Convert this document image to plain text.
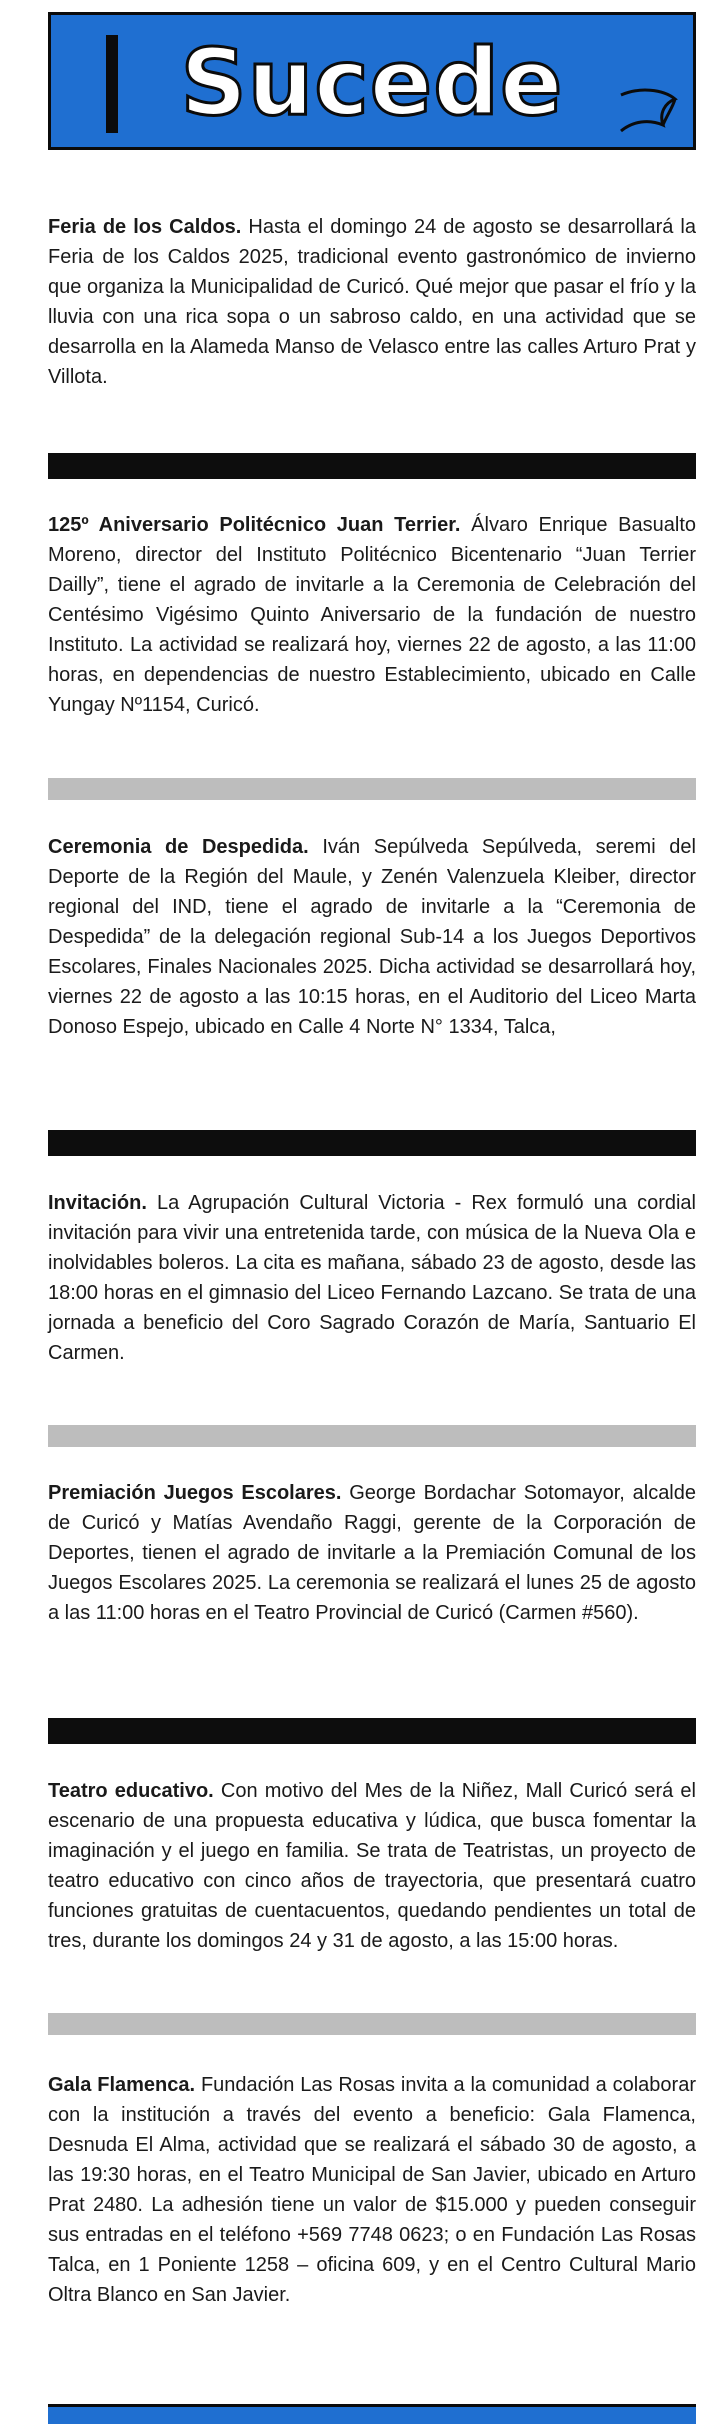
Sucede
Feria de los Caldos. Hasta el domingo 24 de agosto se desarrollará la Feria de los Caldos 2025, tradicional evento gastronómico de invierno que organiza la Municipalidad de Curicó. Qué mejor que pasar el frío y la lluvia con una rica sopa o un sabroso caldo, en una actividad que se desarrolla en la Alameda Manso de Velasco entre las calles Arturo Prat y Villota.
125º Aniversario Politécnico Juan Terrier. Álvaro Enrique Basualto Moreno, director del Instituto Politécnico Bicentenario “Juan Terrier Dailly”, tiene el agrado de invitarle a la Ceremonia de Celebración del Centésimo Vigésimo Quinto Aniversario de la fundación de nuestro Instituto. La actividad se realizará hoy, viernes 22 de agosto, a las 11:00 horas, en dependencias de nuestro Establecimiento, ubicado en Calle Yungay Nº1154, Curicó.
Ceremonia de Despedida. Iván Sepúlveda Sepúlveda, seremi del Deporte de la Región del Maule, y Zenén Valenzuela Kleiber, director regional del IND, tiene el agrado de invitarle a la “Ceremonia de Despedida” de la delegación regional Sub-14 a los Juegos Deportivos Escolares, Finales Nacionales 2025. Dicha actividad se desarrollará hoy, viernes 22 de agosto a las 10:15 horas, en el Auditorio del Liceo Marta Donoso Espejo, ubicado en Calle 4 Norte N° 1334, Talca,
Invitación. La Agrupación Cultural Victoria - Rex formuló una cordial invitación para vivir una entretenida tarde, con música de la Nueva Ola e inolvidables boleros. La cita es mañana, sábado 23 de agosto, desde las 18:00 horas en el gimnasio del Liceo Fernando Lazcano. Se trata de una jornada a beneficio del Coro Sagrado Corazón de María, Santuario El Carmen.
Premiación Juegos Escolares. George Bordachar Sotomayor, alcalde de Curicó y Matías Avendaño Raggi, gerente de la Corporación de Deportes, tienen el agrado de invitarle a la Premiación Comunal de los Juegos Escolares 2025. La ceremonia se realizará el lunes 25 de agosto a las 11:00 horas en el Teatro Provincial de Curicó (Carmen #560).
Teatro educativo. Con motivo del Mes de la Niñez, Mall Curicó será el escenario de una propuesta educativa y lúdica, que busca fomentar la imaginación y el juego en familia. Se trata de Teatristas, un proyecto de teatro educativo con cinco años de trayectoria, que presentará cuatro funciones gratuitas de cuentacuentos, quedando pendientes un total de tres, durante los domingos 24 y 31 de agosto, a las 15:00 horas.
Gala Flamenca. Fundación Las Rosas invita a la comunidad a colaborar con la institución a través del evento a beneficio: Gala Flamenca, Desnuda El Alma, actividad que se realizará el sábado 30 de agosto, a las 19:30 horas, en el Teatro Municipal de San Javier, ubicado en Arturo Prat 2480. La adhesión tiene un valor de $15.000 y pueden conseguir sus entradas en el teléfono +569 7748 0623; o en Fundación Las Rosas Talca, en 1 Poniente 1258 – oficina 609, y en el Centro Cultural Mario Oltra Blanco en San Javier.
